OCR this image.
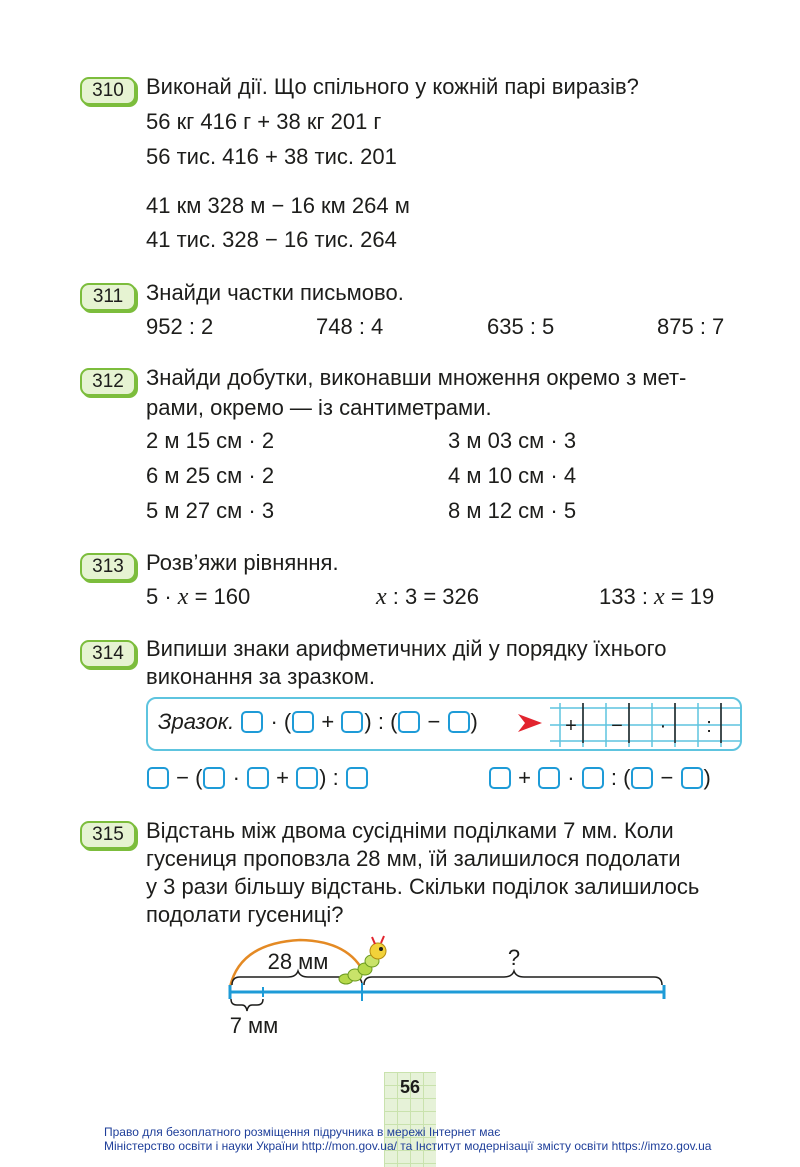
310	Виконай дії. Що спільного у кожній парі виразів?
56 кг 416 г + 38 кг 201 г
56 тис. 416 + 38 тис. 201
41 км 328 м − 16 км 264 м
41 тис. 328 − 16 тис. 264
311	Знайди частки письмово.
952 : 2	748 : 4	635 : 5	875 : 7
312	Знайди добутки, виконавши множення окремо з мет-
рами, окремо — із сантиметрами.
2 м 15 см · 2	3 м 03 см · 3
6 м 25 см · 2	4 м 10 см · 4
5 м 27 см · 3	8 м 12 см · 5
313	Розв’яжи рівняння.
5 · x = 160	x : 3 = 326	133 : x = 19
314	Випиши знаки арифметичних дій у порядку їхнього
виконання за зразком.
Зразок. · ( + ) : ( − )	+ − · :
− ( · + ) :	+ · : ( − )
315	Відстань між двома сусідніми поділками 7 мм. Коли
гусениця проповзла 28 мм, їй залишилося подолати
у 3 рази більшу відстань. Скільки поділок залишилось
подолати гусениці?
28 мм	?
7 мм
56
Право для безоплатного розміщення підручника в мережі Інтернет має
Міністерство освіти і науки України http://mon.gov.ua/ та Інститут модернізації змісту освіти https://imzo.gov.ua
